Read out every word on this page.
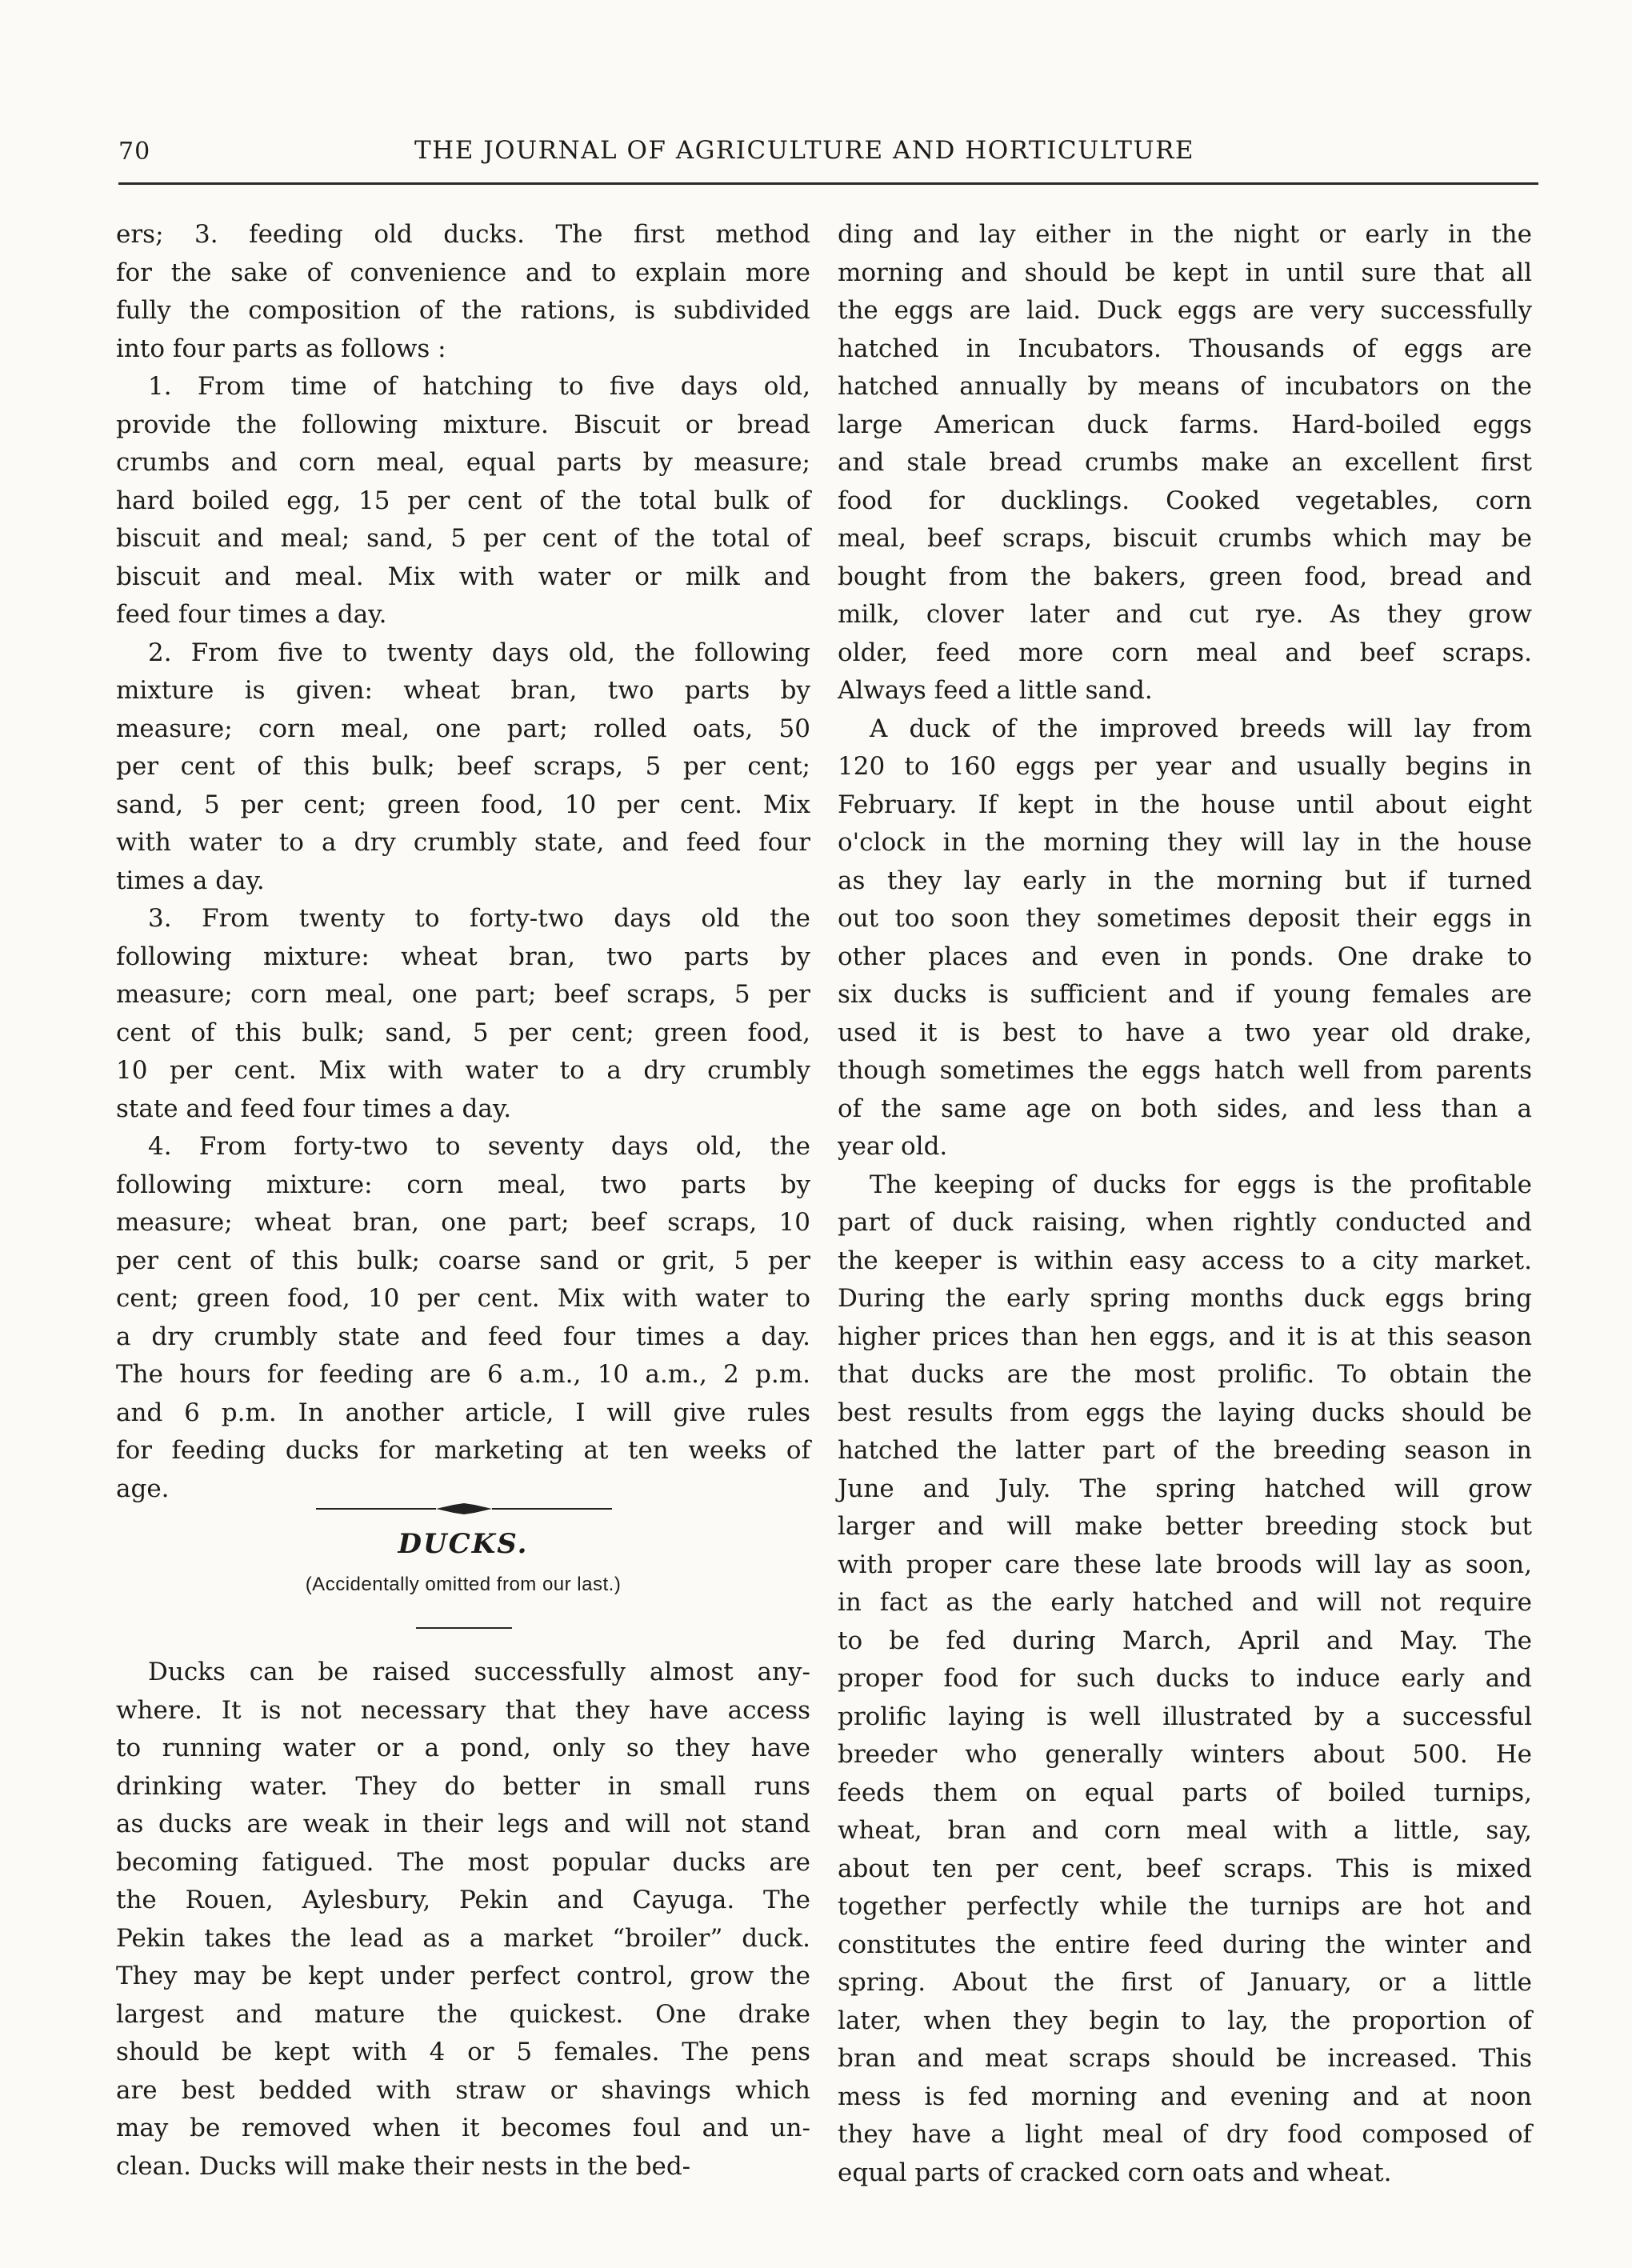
70	THE JOURNAL OF AGRICULTURE AND HORTICULTURE
ers; 3. feeding old ducks. The first method
for the sake of convenience and to explain more
fully the composition of the rations, is subdivided
into four parts as follows :
1. From time of hatching to five days old,
provide the following mixture. Biscuit or bread
crumbs and corn meal, equal parts by measure;
hard boiled egg, 15 per cent of the total bulk of
biscuit and meal; sand, 5 per cent of the total of
biscuit and meal. Mix with water or milk and
feed four times a day.
2. From five to twenty days old, the following
mixture is given: wheat bran, two parts by
measure; corn meal, one part; rolled oats, 50
per cent of this bulk; beef scraps, 5 per cent;
sand, 5 per cent; green food, 10 per cent. Mix
with water to a dry crumbly state, and feed four
times a day.
3. From twenty to forty-two days old the
following mixture: wheat bran, two parts by
measure; corn meal, one part; beef scraps, 5 per
cent of this bulk; sand, 5 per cent; green food,
10 per cent. Mix with water to a dry crumbly
state and feed four times a day.
4. From forty-two to seventy days old, the
following mixture: corn meal, two parts by
measure; wheat bran, one part; beef scraps, 10
per cent of this bulk; coarse sand or grit, 5 per
cent; green food, 10 per cent. Mix with water to
a dry crumbly state and feed four times a day.
The hours for feeding are 6 a.m., 10 a.m., 2 p.m.
and 6 p.m. In another article, I will give rules
for feeding ducks for marketing at ten weeks of
age.
DUCKS.
(Accidentally omitted from our last.)
Ducks can be raised successfully almost any-
where. It is not necessary that they have access
to running water or a pond, only so they have
drinking water. They do better in small runs
as ducks are weak in their legs and will not stand
becoming fatigued. The most popular ducks are
the Rouen, Aylesbury, Pekin and Cayuga. The
Pekin takes the lead as a market “broiler” duck.
They may be kept under perfect control, grow the
largest and mature the quickest. One drake
should be kept with 4 or 5 females. The pens
are best bedded with straw or shavings which
may be removed when it becomes foul and un-
clean. Ducks will make their nests in the bed-
ding and lay either in the night or early in the
morning and should be kept in until sure that all
the eggs are laid. Duck eggs are very successfully
hatched in Incubators. Thousands of eggs are
hatched annually by means of incubators on the
large American duck farms. Hard-boiled eggs
and stale bread crumbs make an excellent first
food for ducklings. Cooked vegetables, corn
meal, beef scraps, biscuit crumbs which may be
bought from the bakers, green food, bread and
milk, clover later and cut rye. As they grow
older, feed more corn meal and beef scraps.
Always feed a little sand.
A duck of the improved breeds will lay from
120 to 160 eggs per year and usually begins in
February. If kept in the house until about eight
o'clock in the morning they will lay in the house
as they lay early in the morning but if turned
out too soon they sometimes deposit their eggs in
other places and even in ponds. One drake to
six ducks is sufficient and if young females are
used it is best to have a two year old drake,
though sometimes the eggs hatch well from parents
of the same age on both sides, and less than a
year old.
The keeping of ducks for eggs is the profitable
part of duck raising, when rightly conducted and
the keeper is within easy access to a city market.
During the early spring months duck eggs bring
higher prices than hen eggs, and it is at this season
that ducks are the most prolific. To obtain the
best results from eggs the laying ducks should be
hatched the latter part of the breeding season in
June and July. The spring hatched will grow
larger and will make better breeding stock but
with proper care these late broods will lay as soon,
in fact as the early hatched and will not require
to be fed during March, April and May. The
proper food for such ducks to induce early and
prolific laying is well illustrated by a successful
breeder who generally winters about 500. He
feeds them on equal parts of boiled turnips,
wheat, bran and corn meal with a little, say,
about ten per cent, beef scraps. This is mixed
together perfectly while the turnips are hot and
constitutes the entire feed during the winter and
spring. About the first of January, or a little
later, when they begin to lay, the proportion of
bran and meat scraps should be increased. This
mess is fed morning and evening and at noon
they have a light meal of dry food composed of
equal parts of cracked corn oats and wheat.
